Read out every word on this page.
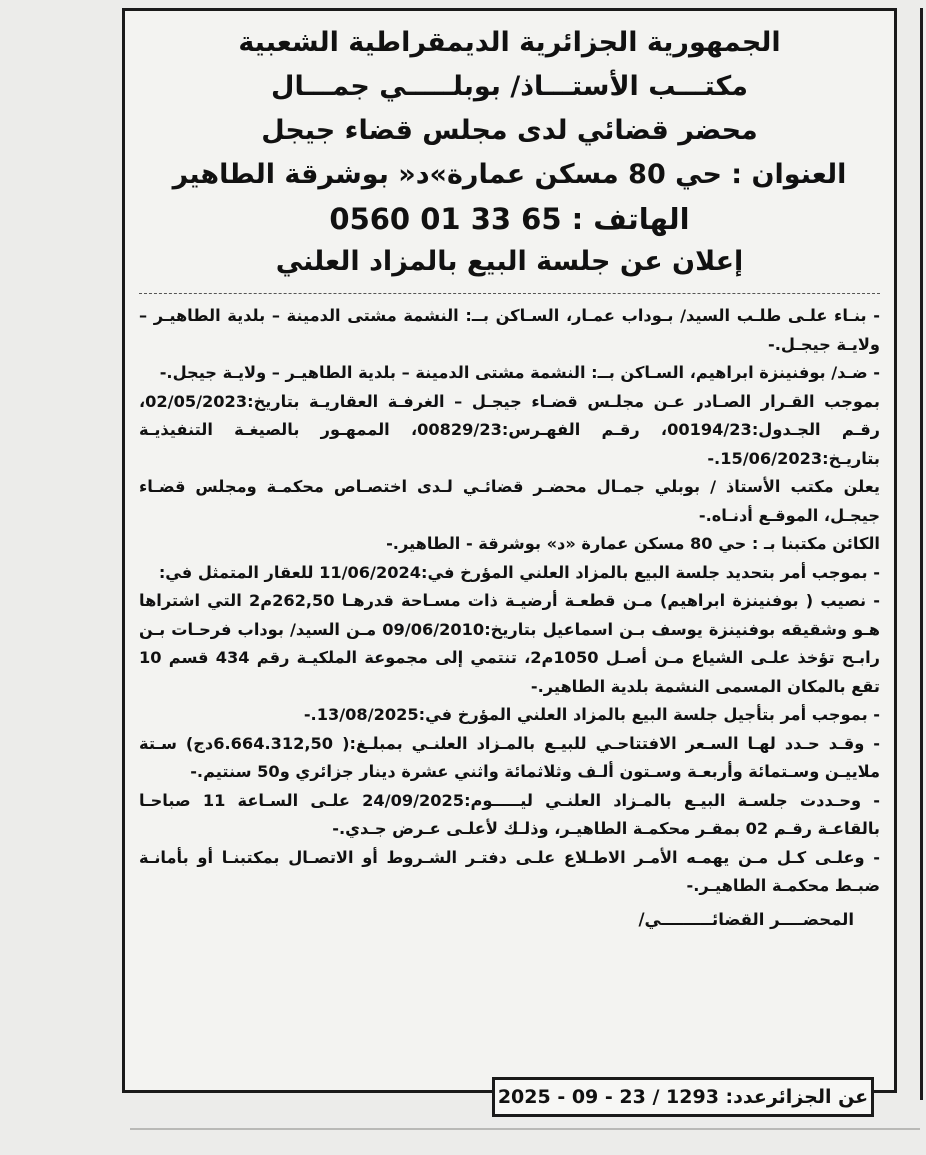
الجمهورية الجزائرية الديمقراطية الشعبية
مكتـــب الأستـــاذ/ بوبلـــــي جمـــال
محضر قضائي لدى مجلس قضاء جيجل
العنوان : حي 80 مسكن عمارة»د« بوشرقة الطاهير
الهاتف : 65 33 01 0560
إعلان عن جلسة البيع بالمزاد العلني

- بنـاء علـى طلـب السيد/ بـوداب عمـار، السـاكن بــ: النشمة مشتى الدمينة – بلدية الطاهيـر – ولايـة جيجـل.-

- ضـد/ بوفنينزة ابراهيم، السـاكن بــ: النشمة مشتى الدمينة – بلدية الطاهيـر – ولايـة جيجل.-

بموجب القـرار الصـادر عـن مجلـس قضـاء جيجـل – الغرفـة العقاريـة بتاريخ:02/05/2023، رقـم الجـدول:00194/23، رقـم الفهـرس:00829/23، الممهـور بالصيغـة التنفيذيـة بتاريـخ:15/06/2023.-

يعلن مكتب الأستاذ / بوبلي جمـال محضـر قضائـي لـدى اختصـاص محكمـة ومجلس قضـاء جيجـل، الموقـع أدنـاه.-

الكائن مكتبنا بـ : حي 80 مسكن عمارة «د» بوشرقة - الطاهير.-

- بموجب أمر بتحديد جلسة البيع بالمزاد العلني المؤرخ في:11/06/2024 للعقار المتمثل في:

- نصيب ( بوفنينزة ابراهيم) مـن قطعـة أرضيـة ذات مسـاحة قدرهـا 262,50م2 التي اشتراها هـو وشقيقه بوفنينزة يوسف بـن اسماعيل بتاريخ:09/06/2010 مـن السيد/ بوداب فرحـات بـن رابـح تؤخذ علـى الشياع مـن أصـل 1050م2، تنتمي إلى مجموعة الملكيـة رقم 434 قسم 10 تقع بالمكان المسمى النشمة بلدية الطاهير.-

- بموجب أمر بتأجيل جلسة البيع بالمزاد العلني المؤرخ في:13/08/2025.-

- وقـد حـدد لهـا السـعر الافتتاحـي للبيـع بالمـزاد العلنـي بمبلـغ:( 6.664.312,50دج) سـتة ملاييـن وسـتمائة وأربعـة وسـتون ألـف وثلاثمائة واثني عشرة دينار جزائري و50 سنتيم.-

- وحـددت جلسـة البيـع بالمـزاد العلنـي ليـــــوم:24/09/2025 علـى السـاعة 11 صباحـا بالقاعـة رقـم 02 بمقـر محكمـة الطاهيـر، وذلـك لأعلـى عـرض جـدي.-

- وعلـى كـل مـن يهمـه الأمـر الاطـلاع علـى دفتـر الشـروط أو الاتصـال بمكتبنـا أو بأمانـة ضبـط محكمـة الطاهيـر.-

المحضــــر القضائـــــــــي/
عن الجزائرعدد: 1293 / 23 - 09 - 2025
